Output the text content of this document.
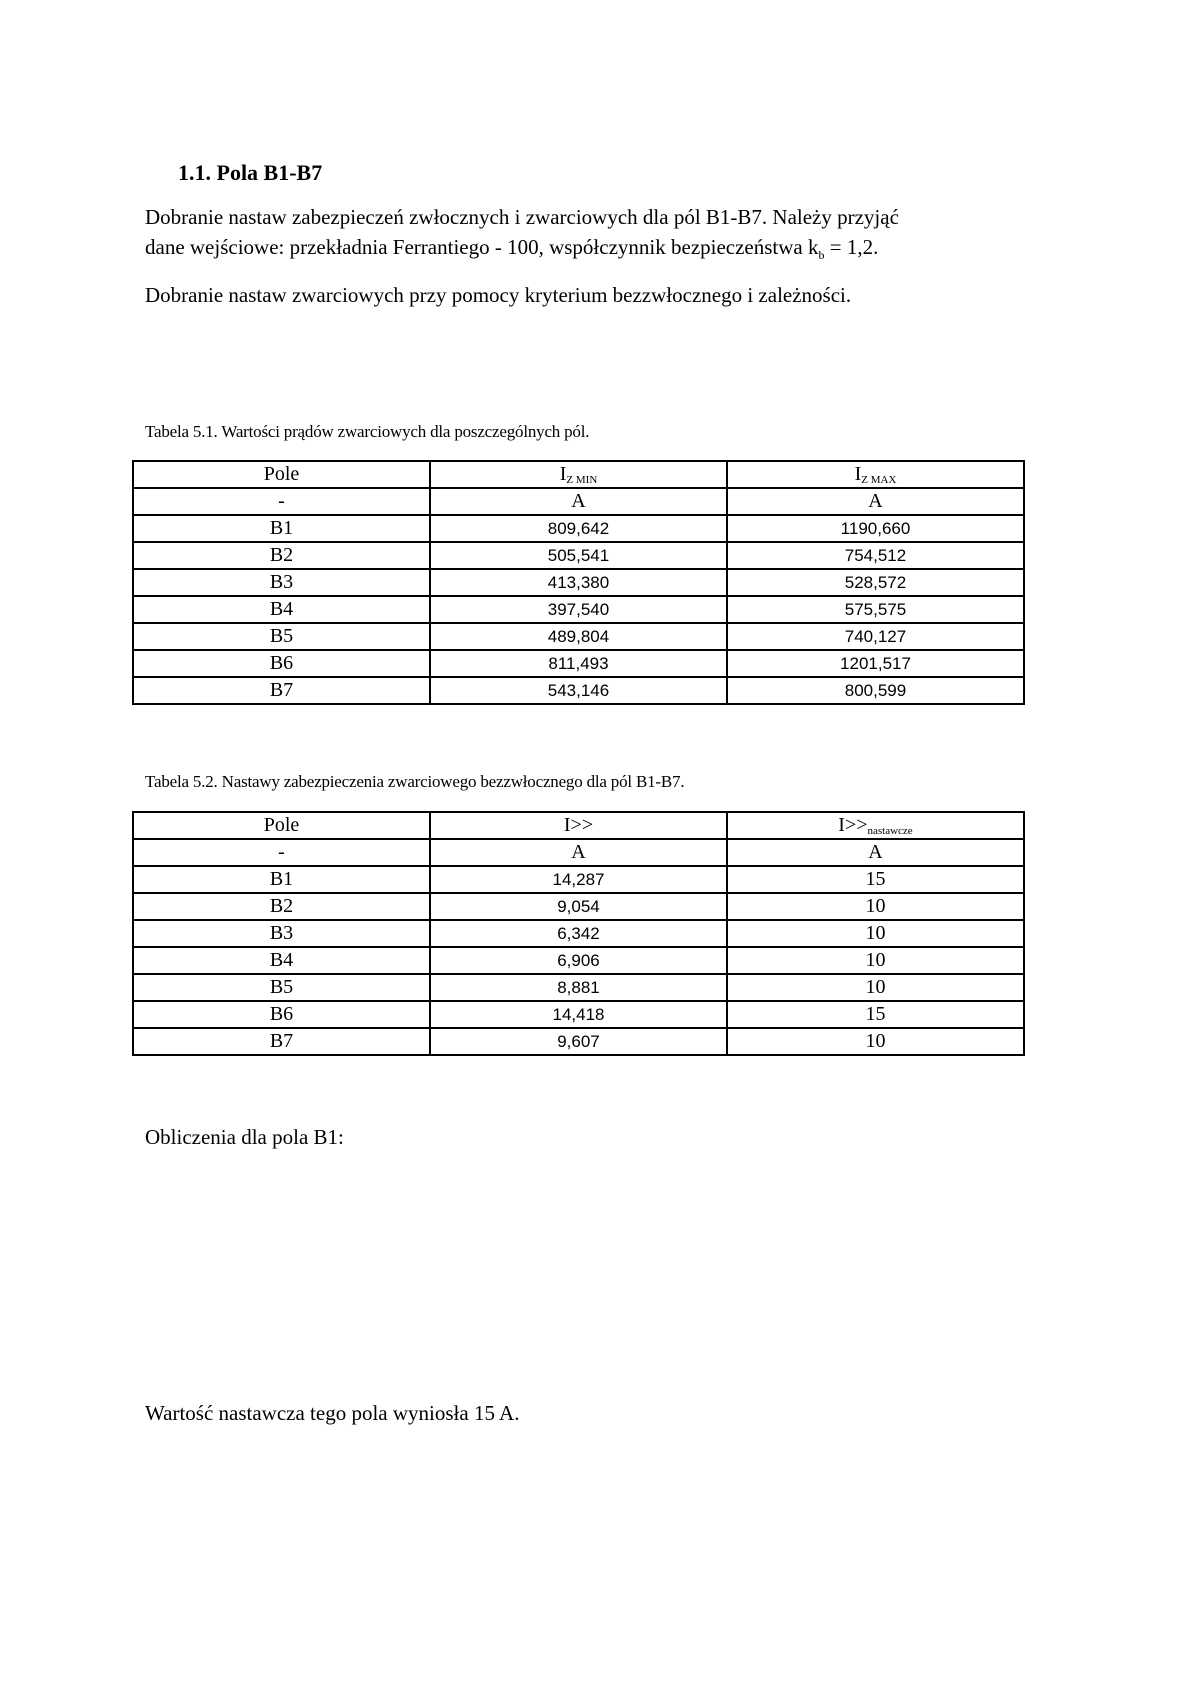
1.1. Pola B1-B7

Dobranie nastaw zabezpieczeń zwłocznych i zwarciowych dla pól B1-B7. Należy przyjąć
dane wejściowe: przekładnia Ferrantiego - 100, współczynnik bezpieczeństwa $k_b = 1,2$.

Dobranie nastaw zwarciowych przy pomocy kryterium bezzwłocznego i zależności.

Tabela 5.1. Wartości prądów zwarciowych dla poszczególnych pól.

Pole	$I_{Z MIN}$	$I_{Z MAX}$
-	A	A
B1	809,642	1190,660
B2	505,541	754,512
B3	413,380	528,572
B4	397,540	575,575
B5	489,804	740,127
B6	811,493	1201,517
B7	543,146	800,599

Tabela 5.2. Nastawy zabezpieczenia zwarciowego bezzwłocznego dla pól B1-B7.

Pole	I>>	$I>>_{nastawcze}$
-	A	A
B1	14,287	15
B2	9,054	10
B3	6,342	10
B4	6,906	10
B5	8,881	10
B6	14,418	15
B7	9,607	10

Obliczenia dla pola B1:

Wartość nastawcza tego pola wyniosła 15 A.
